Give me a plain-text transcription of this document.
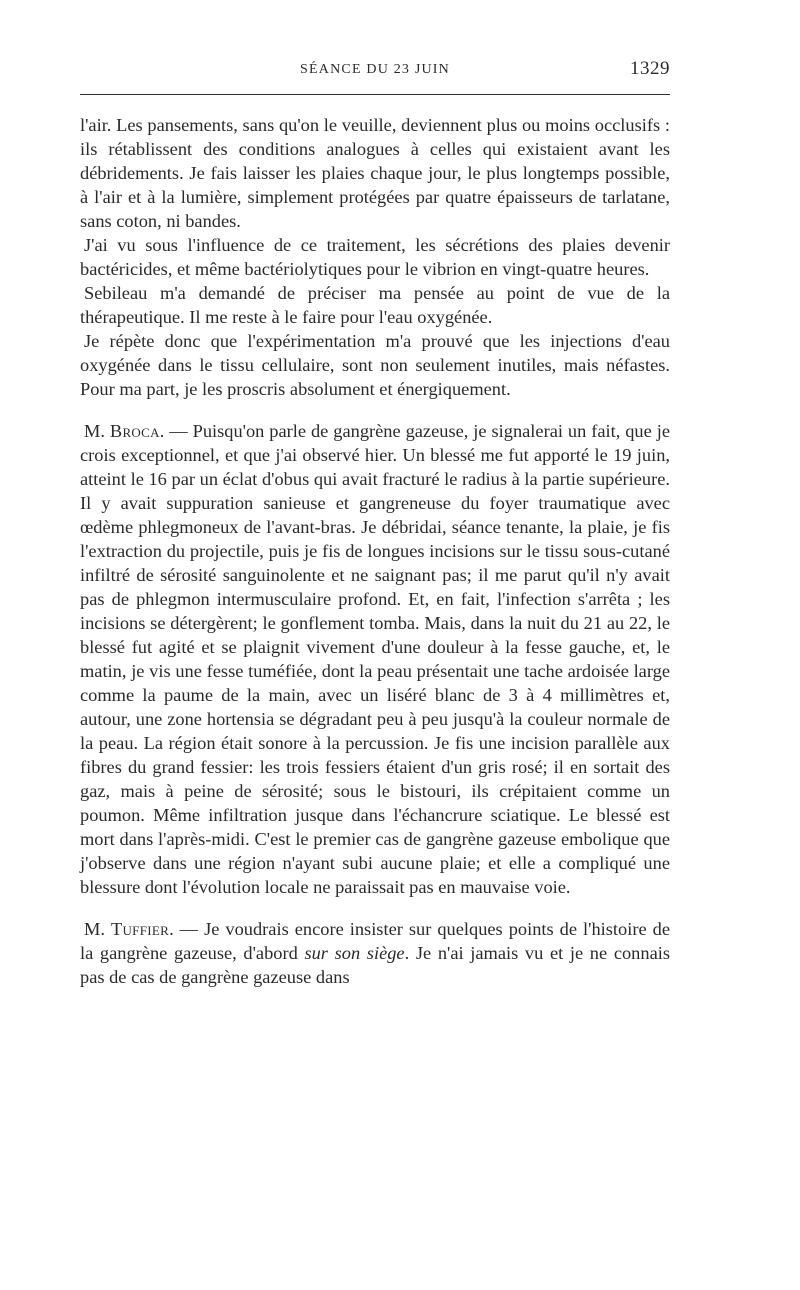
SÉANCE DU 23 JUIN	1329

l'air. Les pansements, sans qu'on le veuille, deviennent plus ou moins occlusifs : ils rétablissent des conditions analogues à celles qui existaient avant les débridements. Je fais laisser les plaies chaque jour, le plus longtemps possible, à l'air et à la lumière, simplement protégées par quatre épaisseurs de tarlatane, sans coton, ni bandes.

J'ai vu sous l'influence de ce traitement, les sécrétions des plaies devenir bactéricides, et même bactériolytiques pour le vibrion en vingt-quatre heures.

Sebileau m'a demandé de préciser ma pensée au point de vue de la thérapeutique. Il me reste à le faire pour l'eau oxygénée.

Je répète donc que l'expérimentation m'a prouvé que les injections d'eau oxygénée dans le tissu cellulaire, sont non seulement inutiles, mais néfastes. Pour ma part, je les proscris absolument et énergiquement.

M. Broca. — Puisqu'on parle de gangrène gazeuse, je signalerai un fait, que je crois exceptionnel, et que j'ai observé hier. Un blessé me fut apporté le 19 juin, atteint le 16 par un éclat d'obus qui avait fracturé le radius à la partie supérieure. Il y avait suppuration sanieuse et gangreneuse du foyer traumatique avec œdème phlegmoneux de l'avant-bras. Je débridai, séance tenante, la plaie, je fis l'extraction du projectile, puis je fis de longues incisions sur le tissu sous-cutané infiltré de sérosité sanguinolente et ne saignant pas; il me parut qu'il n'y avait pas de phlegmon intermusculaire profond. Et, en fait, l'infection s'arrêta ; les incisions se détergèrent; le gonflement tomba. Mais, dans la nuit du 21 au 22, le blessé fut agité et se plaignit vivement d'une douleur à la fesse gauche, et, le matin, je vis une fesse tuméfiée, dont la peau présentait une tache ardoisée large comme la paume de la main, avec un liséré blanc de 3 à 4 millimètres et, autour, une zone hortensia se dégradant peu à peu jusqu'à la couleur normale de la peau. La région était sonore à la percussion. Je fis une incision parallèle aux fibres du grand fessier: les trois fessiers étaient d'un gris rosé; il en sortait des gaz, mais à peine de sérosité; sous le bistouri, ils crépitaient comme un poumon. Même infiltration jusque dans l'échancrure sciatique. Le blessé est mort dans l'après-midi. C'est le premier cas de gangrène gazeuse embolique que j'observe dans une région n'ayant subi aucune plaie; et elle a compliqué une blessure dont l'évolution locale ne paraissait pas en mauvaise voie.

M. Tuffier. — Je voudrais encore insister sur quelques points de l'histoire de la gangrène gazeuse, d'abord sur son siège. Je n'ai jamais vu et je ne connais pas de cas de gangrène gazeuse dans
